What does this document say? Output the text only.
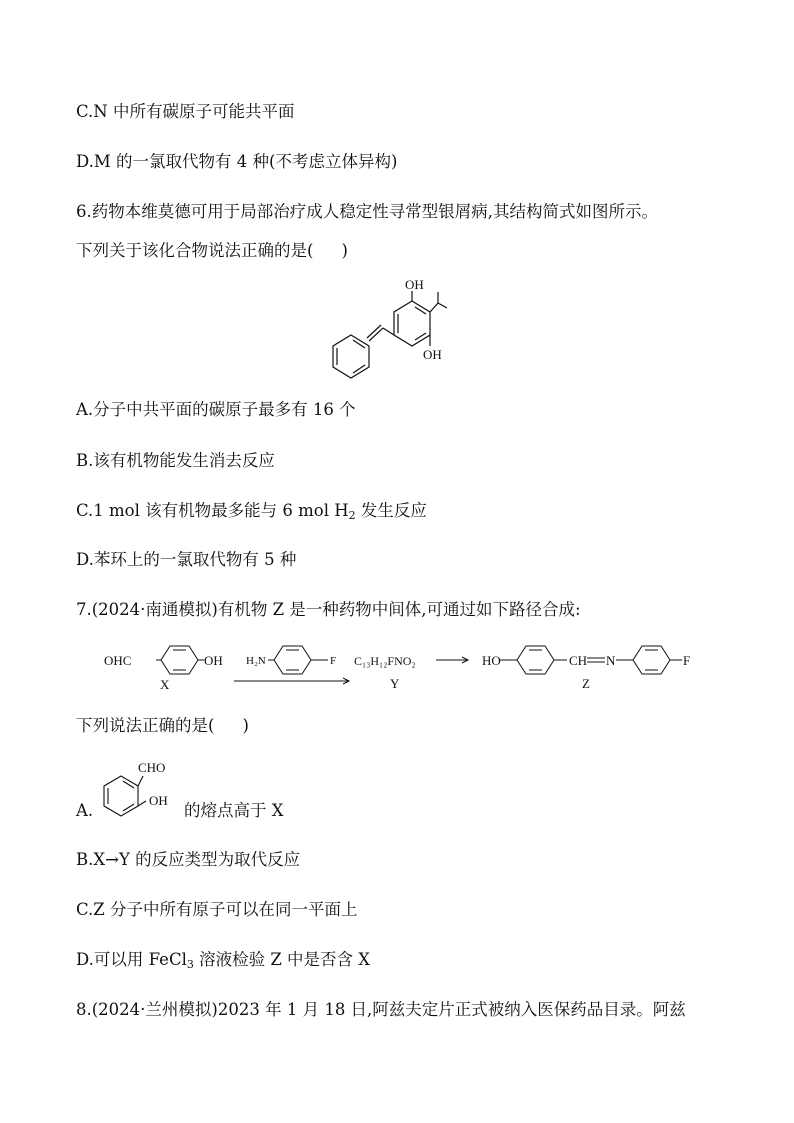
C.N 中所有碳原子可能共平面
D.M 的一氯取代物有 4 种(不考虑立体异构)
6.药物本维莫德可用于局部治疗成人稳定性寻常型银屑病,其结构简式如图所示。
下列关于该化合物说法正确的是( )
OH
OH
A.分子中共平面的碳原子最多有 16 个
B.该有机物能发生消去反应
C.1 mol 该有机物最多能与 6 mol $H_2$ 发生反应
D.苯环上的一氯取代物有 5 种
7.(2024·南通模拟)有机物 Z 是一种药物中间体,可通过如下路径合成:
OHC	OH
X
H₂N	F C₁₃H₁₂FNO₂
Y
HO	CH N	F
Z
下列说法正确的是( )
A.
CHO
OH
的熔点高于 X
B.X→Y 的反应类型为取代反应
C.Z 分子中所有原子可以在同一平面上
D.可以用 FeCl$_3$ 溶液检验 Z 中是否含 X
8.(2024·兰州模拟)2023 年 1 月 18 日,阿兹夫定片正式被纳入医保药品目录。阿兹
